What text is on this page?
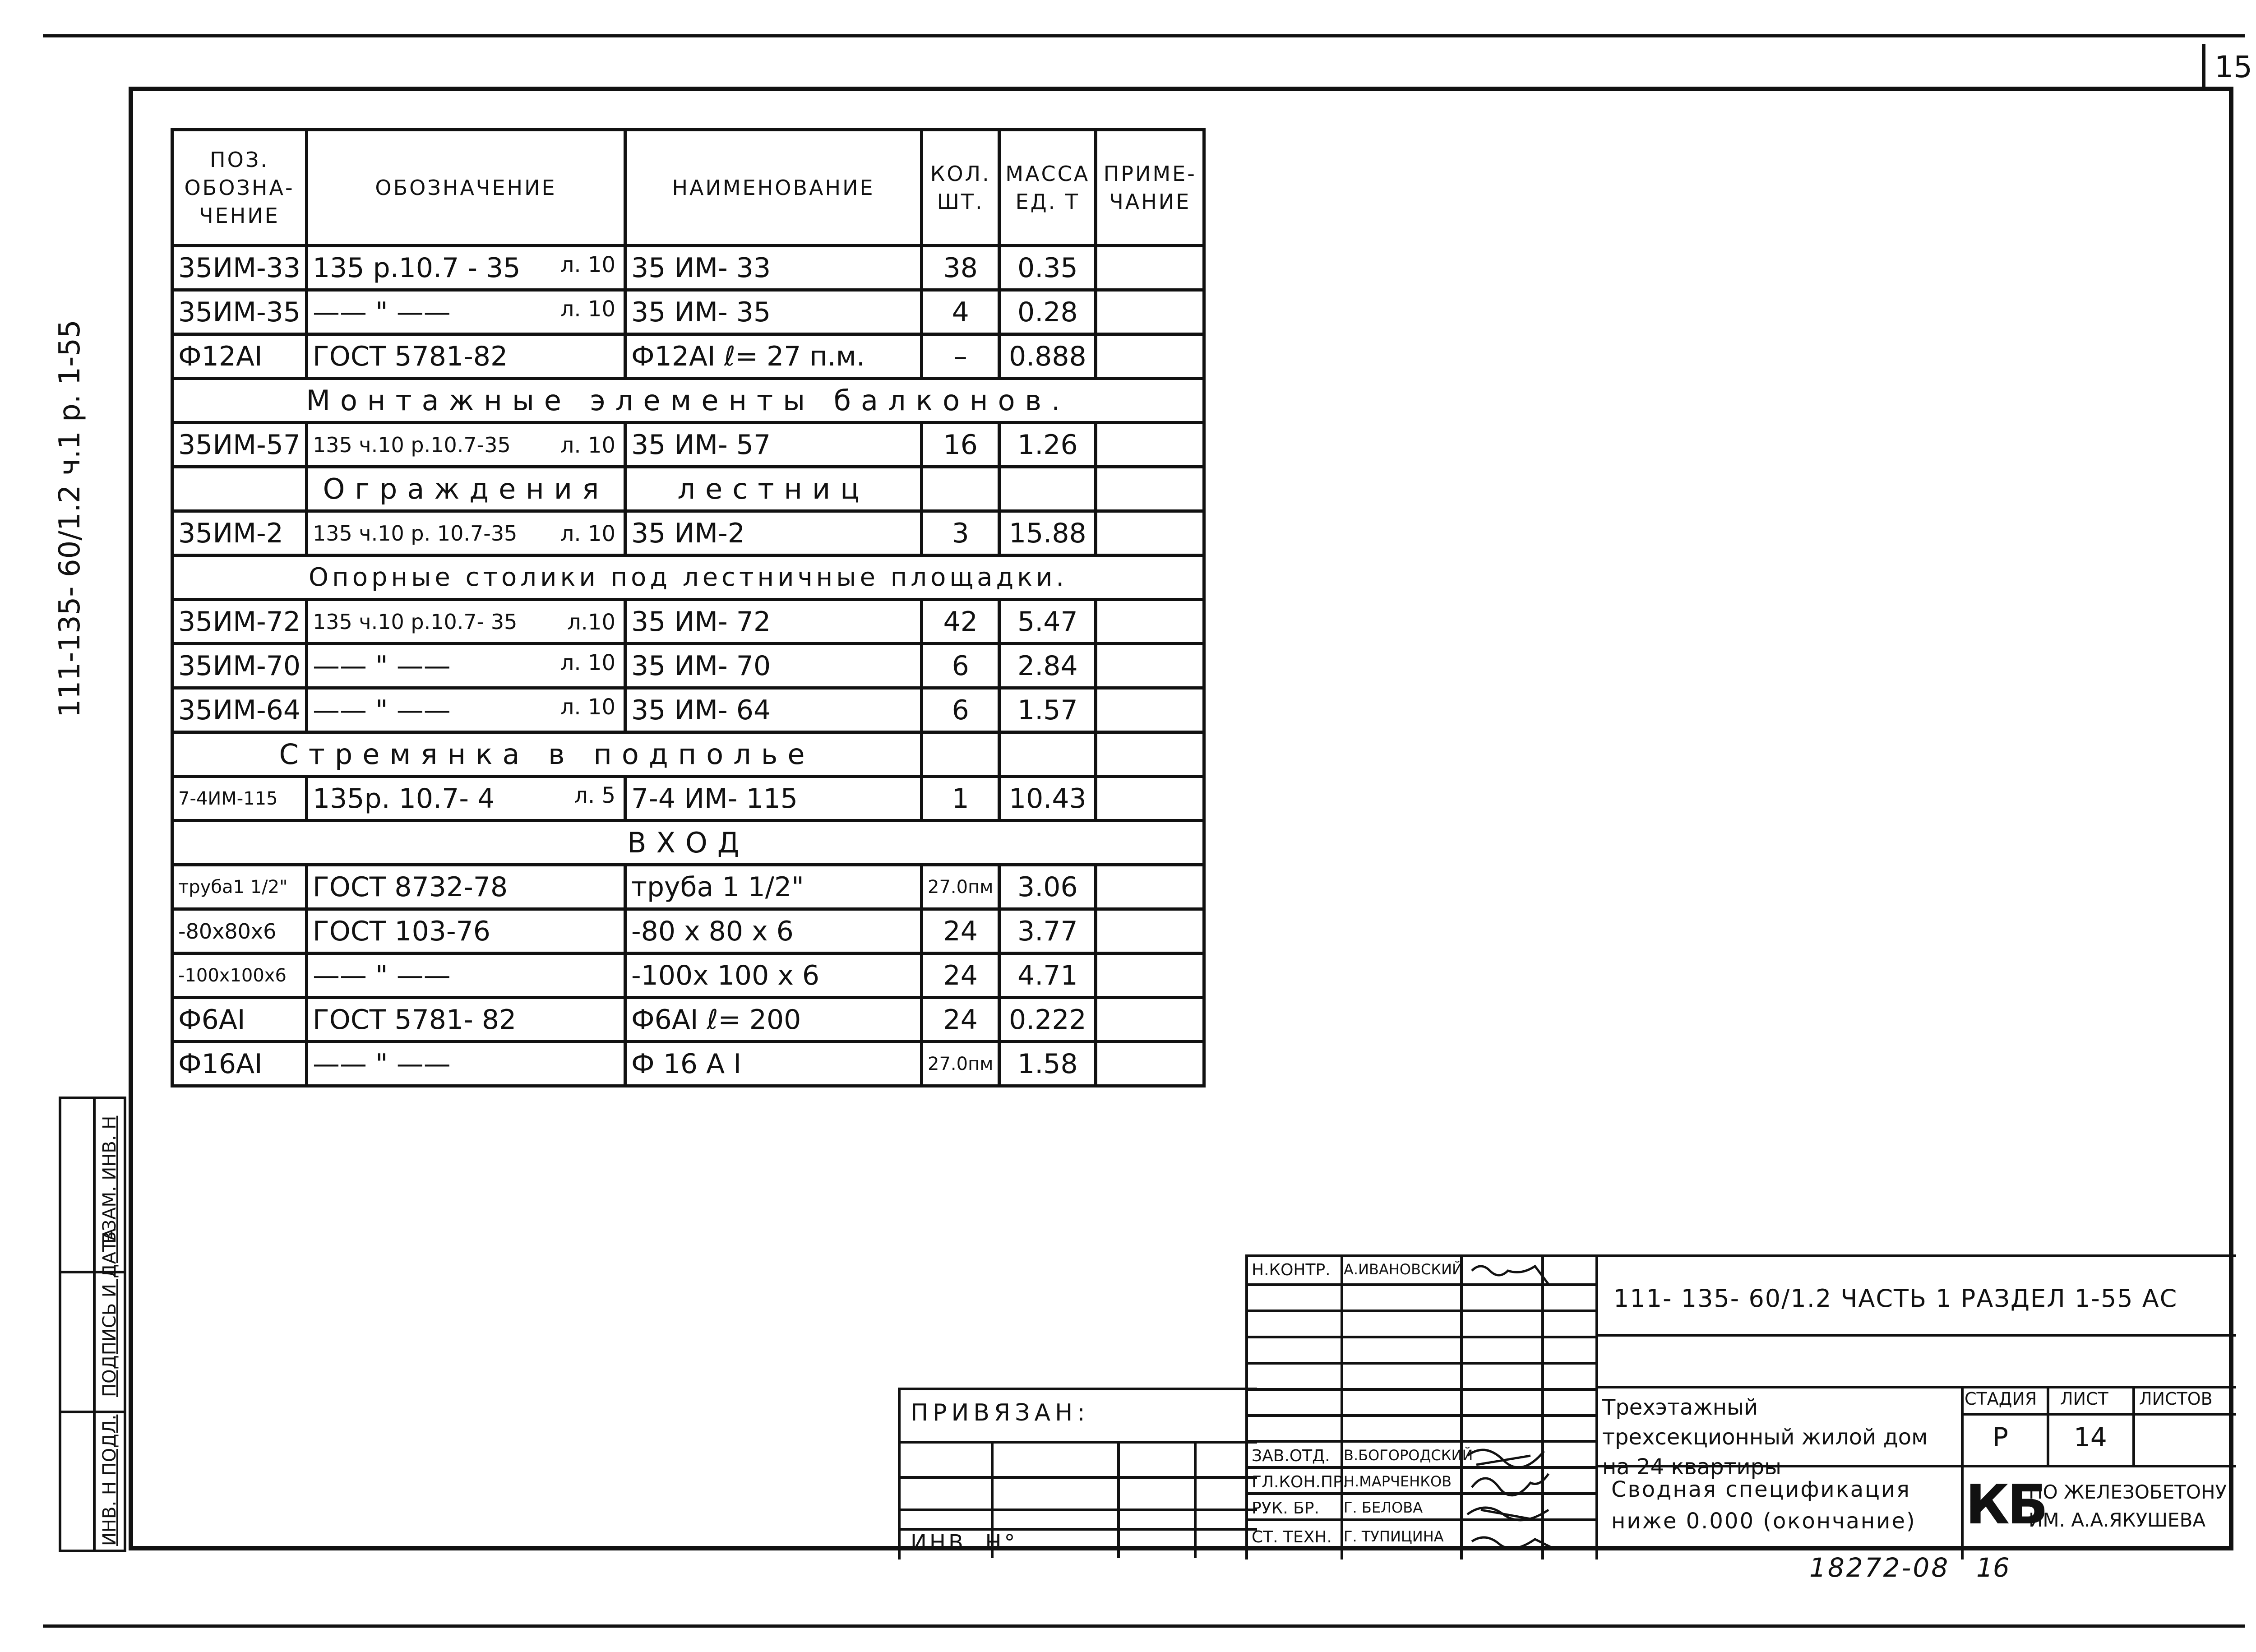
15
111-135- 60/1.2 ч.1 р. 1-55
ВЗАМ. ИНВ. Н
ПОДПИСЬ И ДАТА
ИНВ. Н ПОДЛ.
ПОЗ. ОБОЗНА- ЧЕНИЕ	ОБОЗНАЧЕНИЕ	НАИМЕНОВАНИЕ	КОЛ. ШТ.	МАССА ЕД. Т	ПРИМЕ- ЧАНИЕ
35ИМ-33	135 р.10.7 - 35 л. 10	35 ИМ- 33	38	0.35	
35ИМ-35	—— " —— л. 10	35 ИМ- 35	4	0.28	
Ф12АI	ГОСТ 5781-82	Ф12АI ℓ= 27 п.м.	–	0.888	
Монтажные элементы балконов.					
35ИМ-57	135 ч.10 р.10.7-35 л. 10	35 ИМ- 57	16	1.26	
	Ограждения	лестниц			
35ИМ-2	135 ч.10 р. 10.7-35 л. 10	35 ИМ-2	3	15.88	
Опорные столики под лестничные площадки.					
35ИМ-72	135 ч.10 р.10.7- 35 л.10	35 ИМ- 72	42	5.47	
35ИМ-70	—— " —— л. 10	35 ИМ- 70	6	2.84	
35ИМ-64	—— " —— л. 10	35 ИМ- 64	6	1.57	
Стремянка в подполье					
7-4ИМ-115	135р. 10.7- 4 л. 5	7-4 ИМ- 115	1	10.43	
ВХОД					
труба1 1/2"	ГОСТ 8732-78	труба 1 1/2"	27.0пм	3.06	
-80х80х6	ГОСТ 103-76	-80 х 80 х 6	24	3.77	
-100х100х6	—— " ——	-100х 100 х 6	24	4.71	
Ф6АI	ГОСТ 5781- 82	Ф6АI ℓ= 200	24	0.222	
Ф16АI	—— " ——	Ф 16 А I	27.0пм	1.58	
ПРИВЯЗАН:
ИНВ. Н°
Н.КОНТР. А.ИВАНОВСКИЙ
ЗАВ.ОТД. В.БОГОРОДСКИЙ
ГЛ.КОН.ПР.
Н.МАРЧЕНКОВ
РУК. БР. Г. БЕЛОВА
СТ. ТЕХН. Г. ТУПИЦИНА
111- 135- 60/1.2 ЧАСТЬ 1 РАЗДЕЛ 1-55 АС
Трехэтажный трехсекционный жилой дом на 24 квартиры
Сводная спецификация ниже 0.000 (окончание)
СТАДИЯ ЛИСТ ЛИСТОВ
Р	14
КБ
ПО ЖЕЛЕЗОБЕТОНУ ИМ. А.А.ЯКУШЕВА
18272-08 16
